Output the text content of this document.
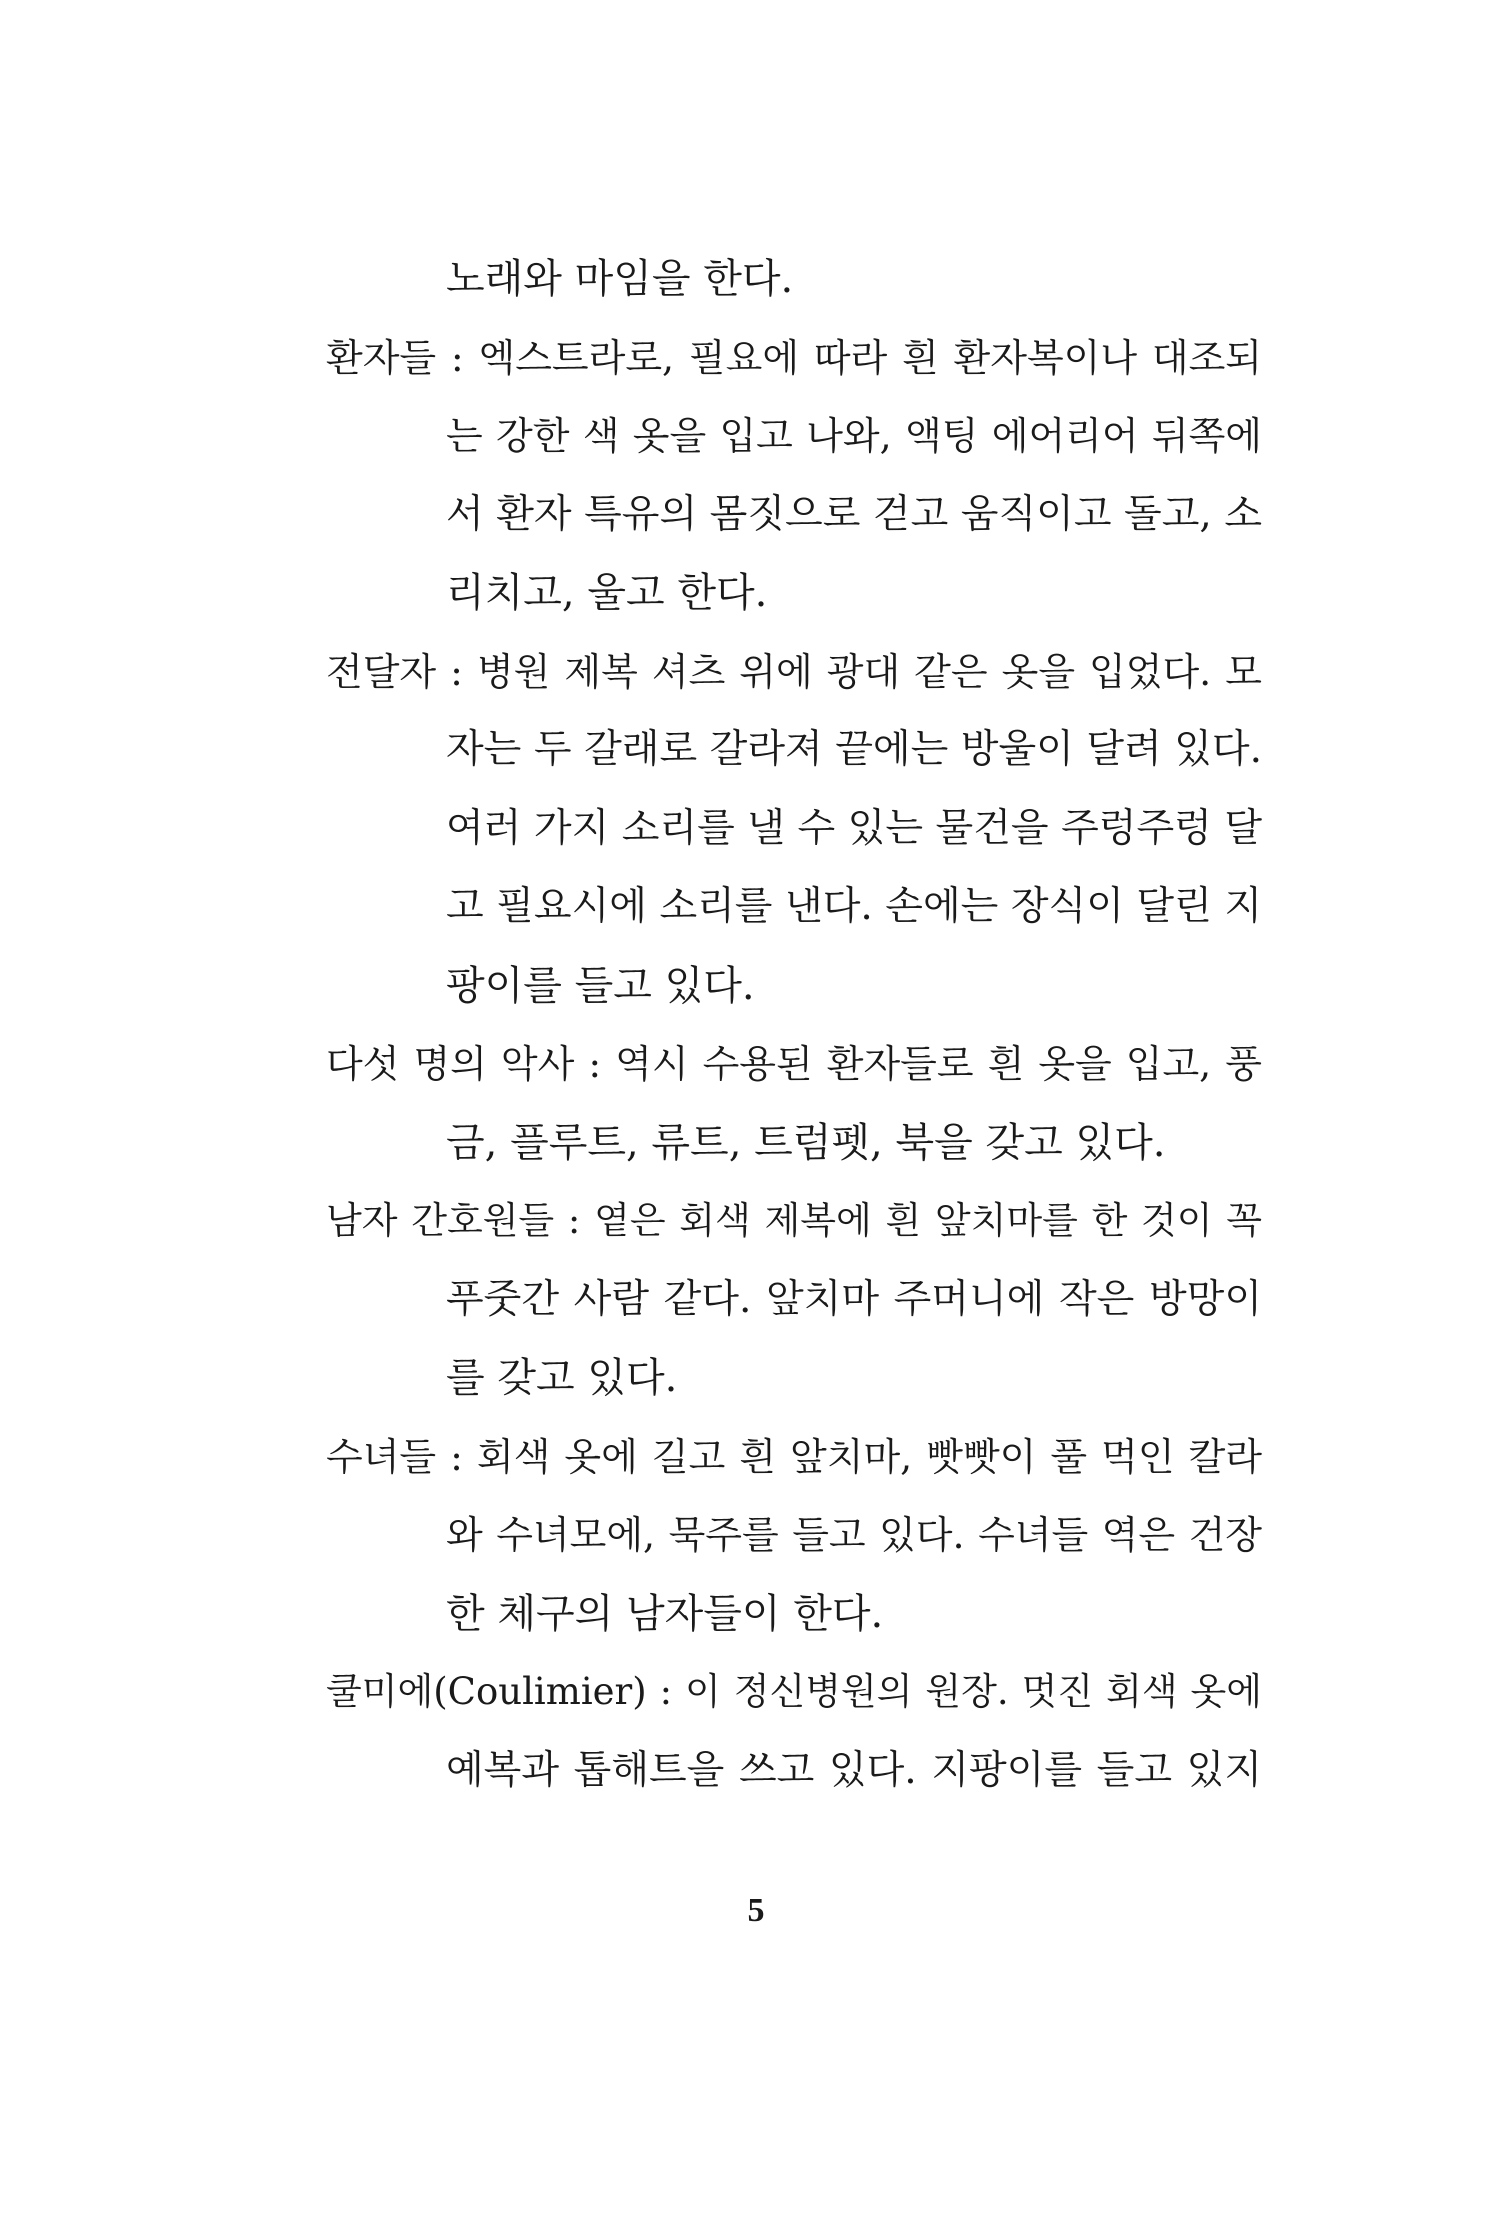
노래와 마임을 한다.
환자들 : 엑스트라로, 필요에 따라 흰 환자복이나 대조되
는 강한 색 옷을 입고 나와, 액팅 에어리어 뒤쪽에
서 환자 특유의 몸짓으로 걷고 움직이고 돌고, 소
리치고, 울고 한다.
전달자 : 병원 제복 셔츠 위에 광대 같은 옷을 입었다. 모
자는 두 갈래로 갈라져 끝에는 방울이 달려 있다.
여러 가지 소리를 낼 수 있는 물건을 주렁주렁 달
고 필요시에 소리를 낸다. 손에는 장식이 달린 지
팡이를 들고 있다.
다섯 명의 악사 : 역시 수용된 환자들로 흰 옷을 입고, 풍
금, 플루트, 류트, 트럼펫, 북을 갖고 있다.
남자 간호원들 : 옅은 회색 제복에 흰 앞치마를 한 것이 꼭
푸줏간 사람 같다. 앞치마 주머니에 작은 방망이
를 갖고 있다.
수녀들 : 회색 옷에 길고 흰 앞치마, 빳빳이 풀 먹인 칼라
와 수녀모에, 묵주를 들고 있다. 수녀들 역은 건장
한 체구의 남자들이 한다.
쿨미에(Coulimier) : 이 정신병원의 원장. 멋진 회색 옷에
예복과 톱해트을 쓰고 있다. 지팡이를 들고 있지
5
